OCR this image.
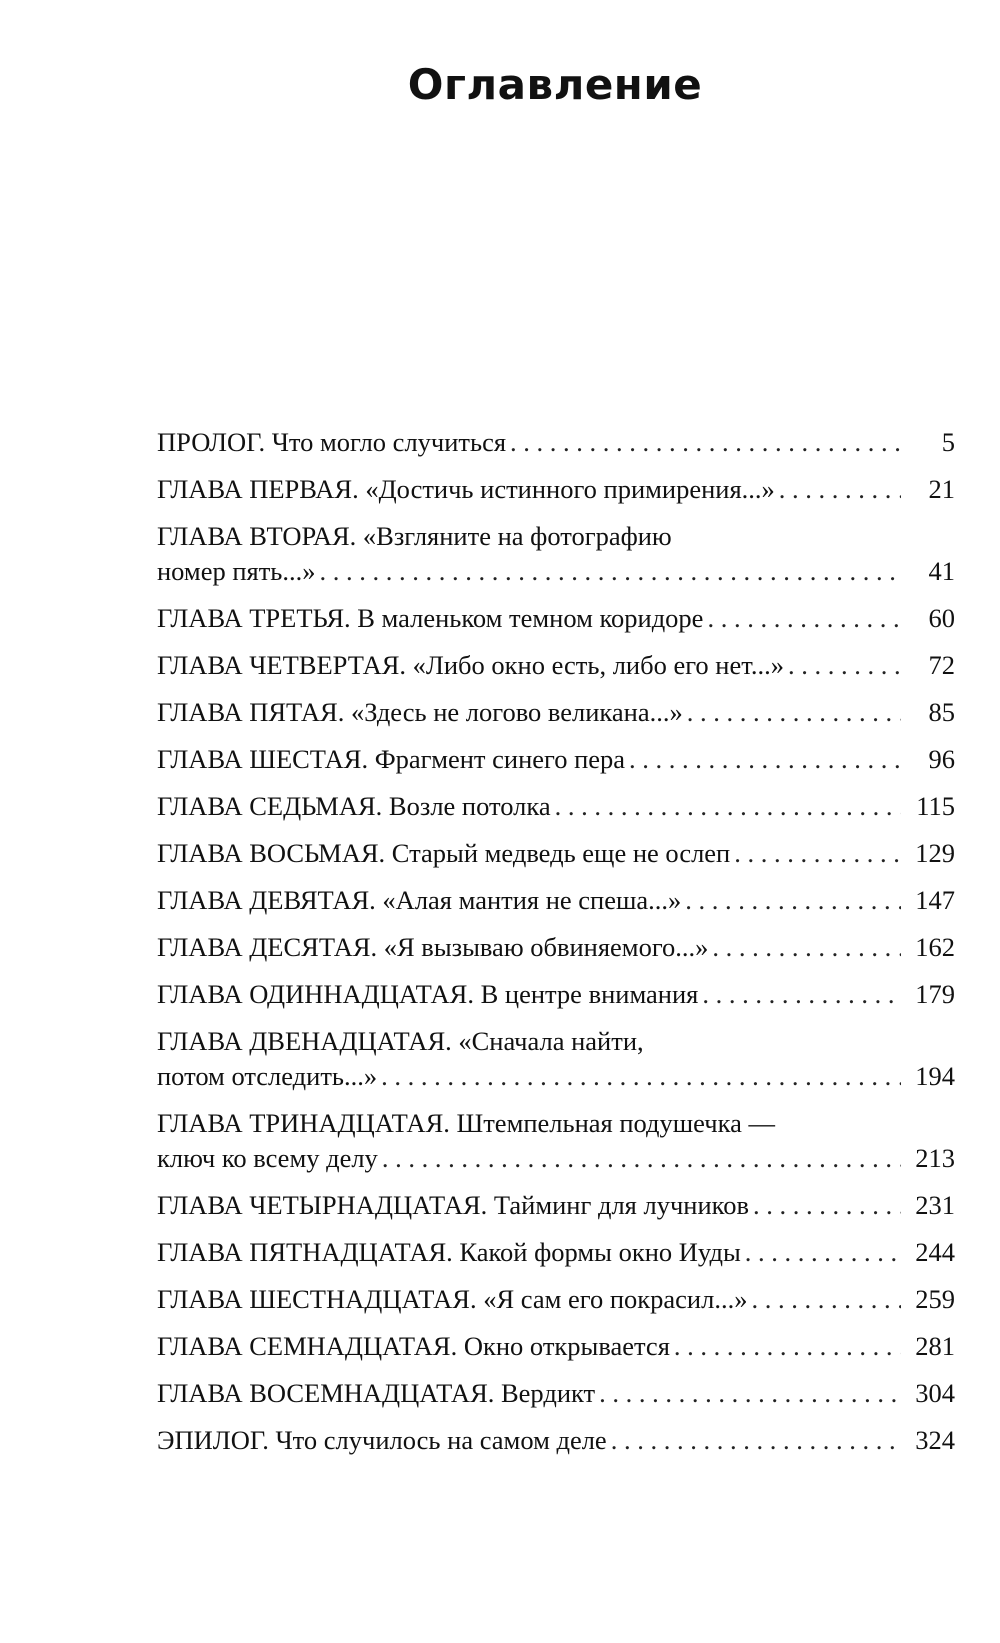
Оглавление
ПРОЛОГ. Что могло случиться . . .	5
ГЛАВА ПЕРВАЯ. «Достичь истинного примирения...» . . .	21
ГЛАВА ВТОРАЯ. «Взгляните на фотографию
номер пять...» . . .	41
ГЛАВА ТРЕТЬЯ. В маленьком темном коридоре . . .	60
ГЛАВА ЧЕТВЕРТАЯ. «Либо окно есть, либо его нет...» . . .	72
ГЛАВА ПЯТАЯ. «Здесь не логово великана...» . . .	85
ГЛАВА ШЕСТАЯ. Фрагмент синего пера . . .	96
ГЛАВА СЕДЬМАЯ. Возле потолка . . .	115
ГЛАВА ВОСЬМАЯ. Старый медведь еще не ослеп . . .	129
ГЛАВА ДЕВЯТАЯ. «Алая мантия не спеша...» . . .	147
ГЛАВА ДЕСЯТАЯ. «Я вызываю обвиняемого...» . . .	162
ГЛАВА ОДИННАДЦАТАЯ. В центре внимания . . .	179
ГЛАВА ДВЕНАДЦАТАЯ. «Сначала найти,
потом отследить...» . . .	194
ГЛАВА ТРИНАДЦАТАЯ. Штемпельная подушечка —
ключ ко всему делу . . .	213
ГЛАВА ЧЕТЫРНАДЦАТАЯ. Тайминг для лучников . . .	231
ГЛАВА ПЯТНАДЦАТАЯ. Какой формы окно Иуды . . .	244
ГЛАВА ШЕСТНАДЦАТАЯ. «Я сам его покрасил...» . . .	259
ГЛАВА СЕМНАДЦАТАЯ. Окно открывается . . .	281
ГЛАВА ВОСЕМНАДЦАТАЯ. Вердикт . . .	304
ЭПИЛОГ. Что случилось на самом деле . . .	324
